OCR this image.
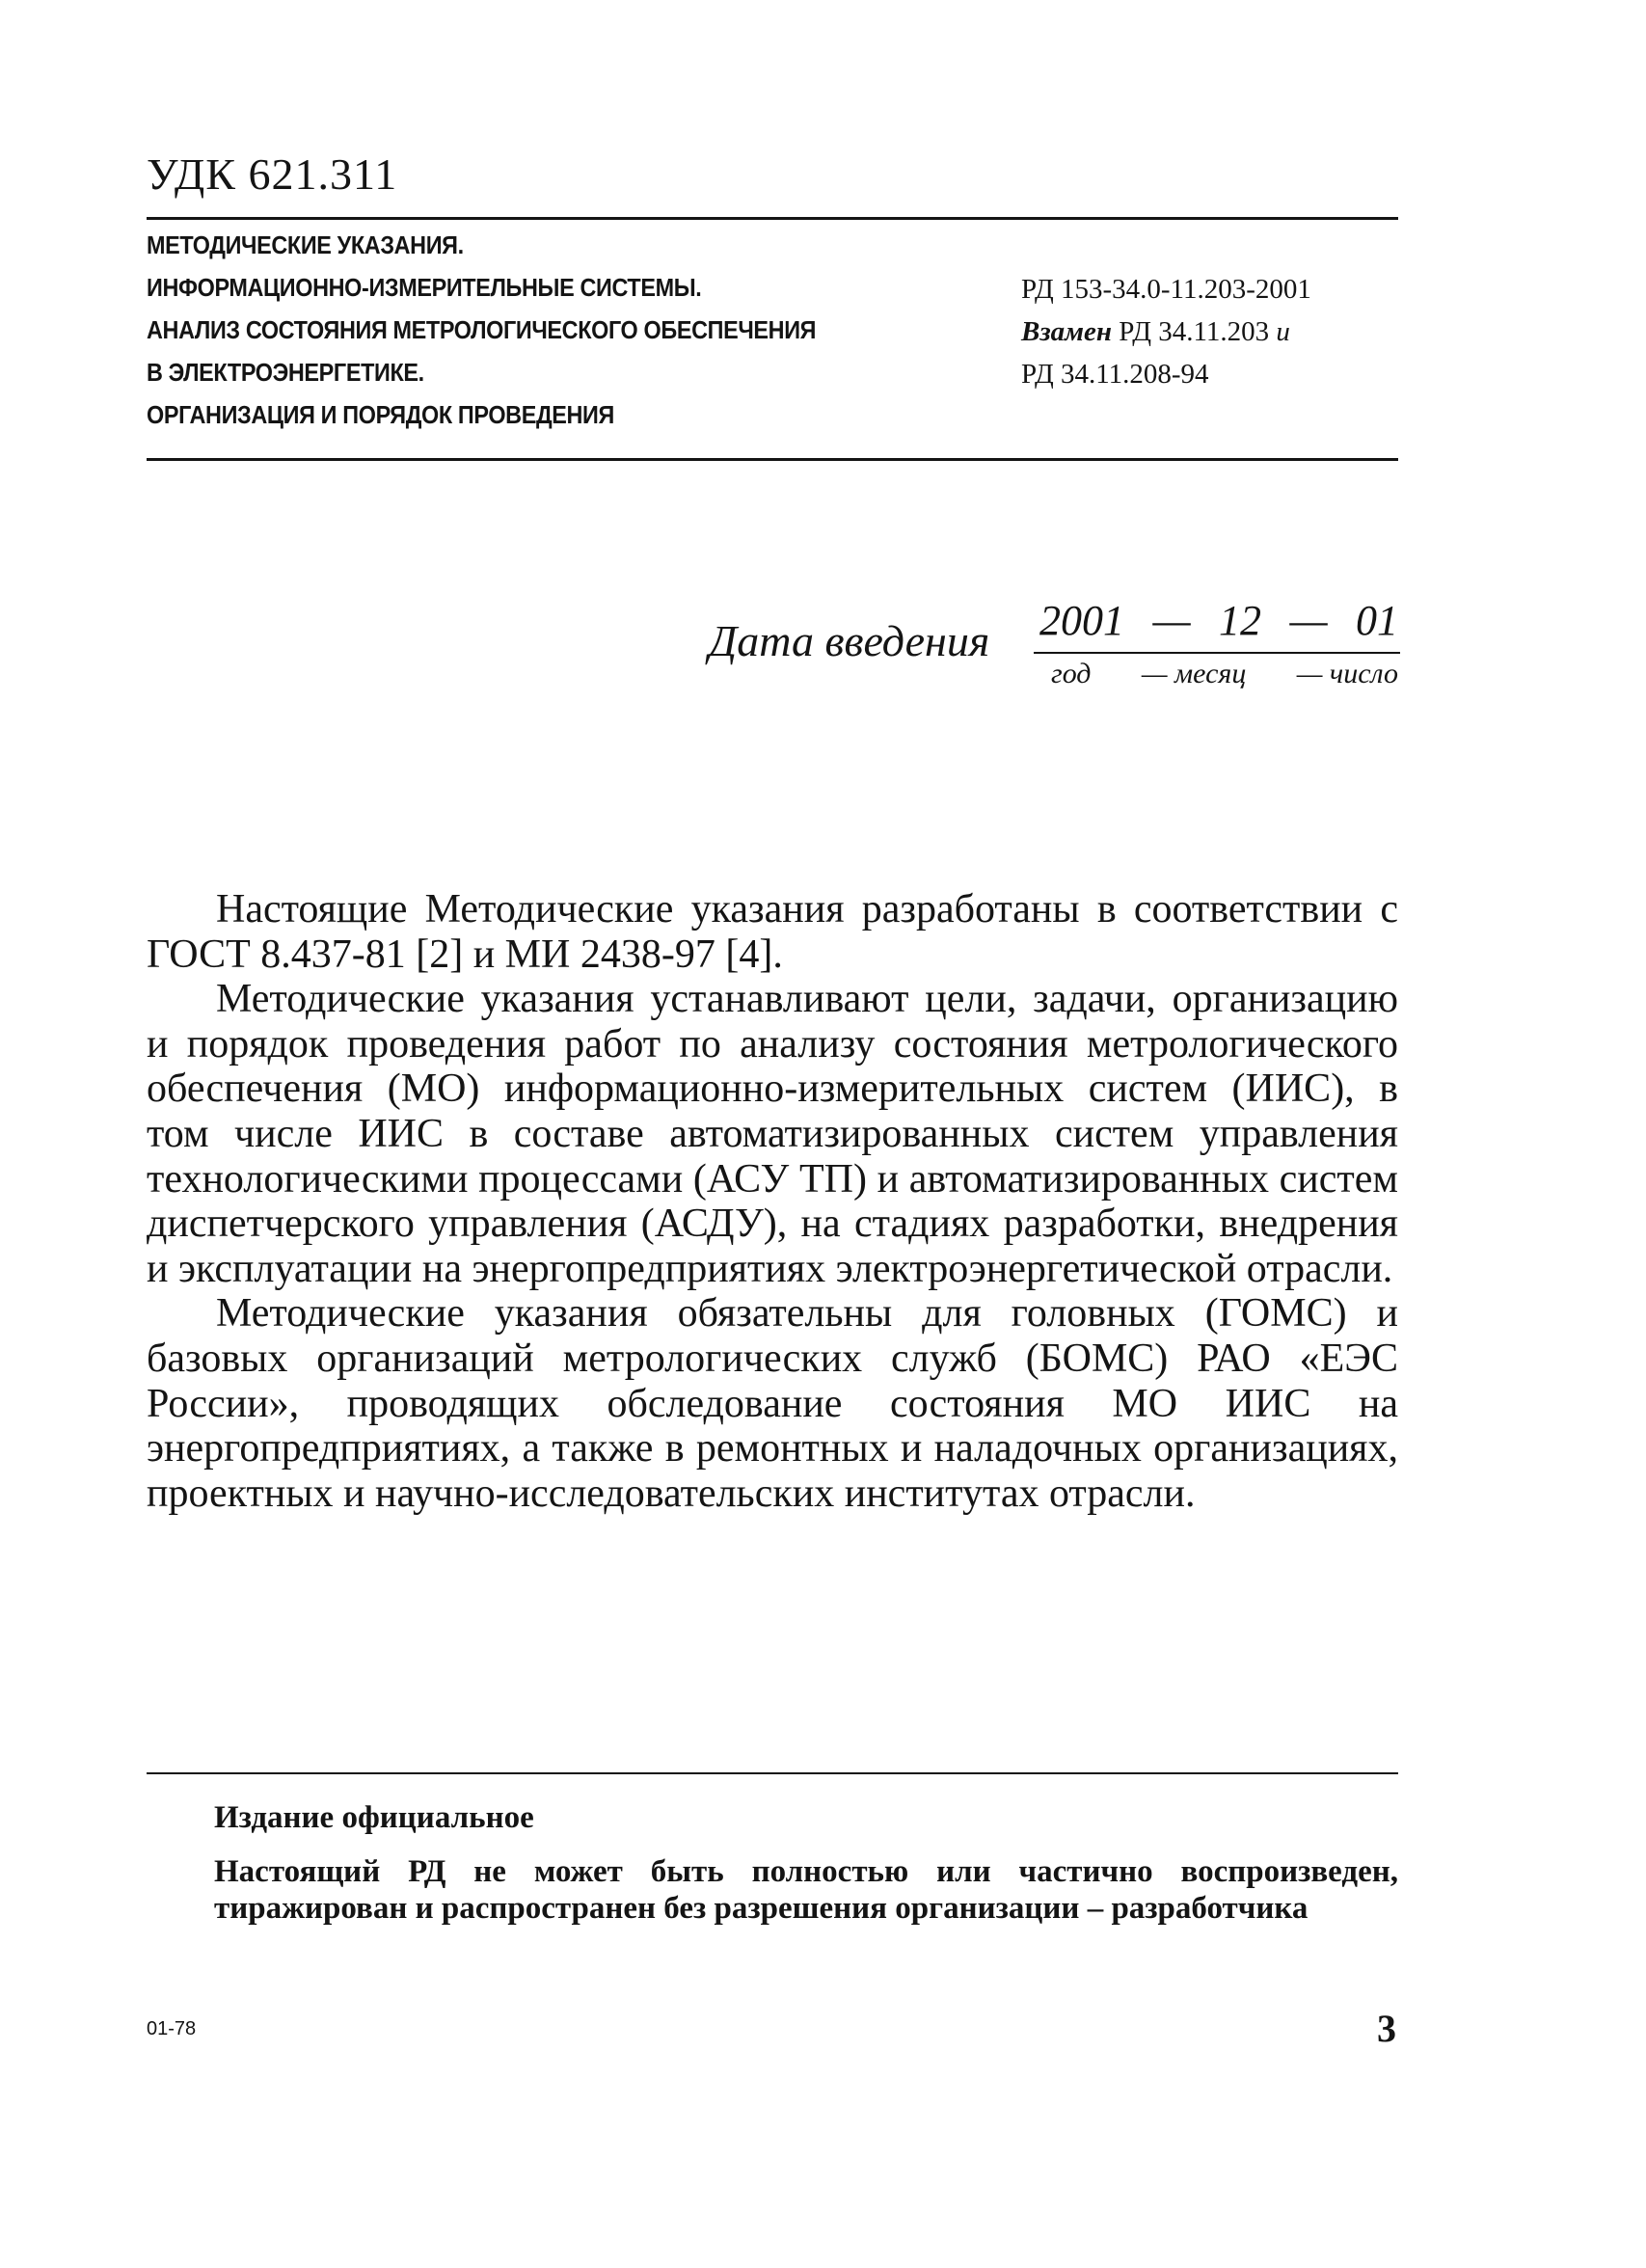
УДК 621.311
МЕТОДИЧЕСКИЕ УКАЗАНИЯ.
ИНФОРМАЦИОННО-ИЗМЕРИТЕЛЬНЫЕ СИСТЕМЫ.
АНАЛИЗ СОСТОЯНИЯ МЕТРОЛОГИЧЕСКОГО ОБЕСПЕЧЕНИЯ
В ЭЛЕКТРОЭНЕРГЕТИКЕ.
ОРГАНИЗАЦИЯ И ПОРЯДОК ПРОВЕДЕНИЯ
РД 153-34.0-11.203-2001
Взамен РД 34.11.203 и
РД 34.11.208-94
Дата введения 2001 — 12 — 01
год — месяц — число

Настоящие Методические указания разработаны в соответствии с ГОСТ 8.437-81 [2] и МИ 2438-97 [4].

Методические указания устанавливают цели, задачи, организацию и порядок проведения работ по анализу состояния метрологического обеспечения (МО) информационно-измерительных систем (ИИС), в том числе ИИС в составе автоматизированных систем управления технологическими процессами (АСУ ТП) и автоматизированных систем диспетчерского управления (АСДУ), на стадиях разработки, внедрения и эксплуатации на энергопредприятиях электроэнергетической отрасли.

Методические указания обязательны для головных (ГОМС) и базовых организаций метрологических служб (БОМС) РАО «ЕЭС России», проводящих обследование состояния МО ИИС на энергопредприятиях, а также в ремонтных и наладочных организациях, проектных и научно-исследовательских институтах отрасли.

Издание официальное

Настоящий РД не может быть полностью или частично воспроизведен, тиражирован и распространен без разрешения организации – разработчика

01-78	3
